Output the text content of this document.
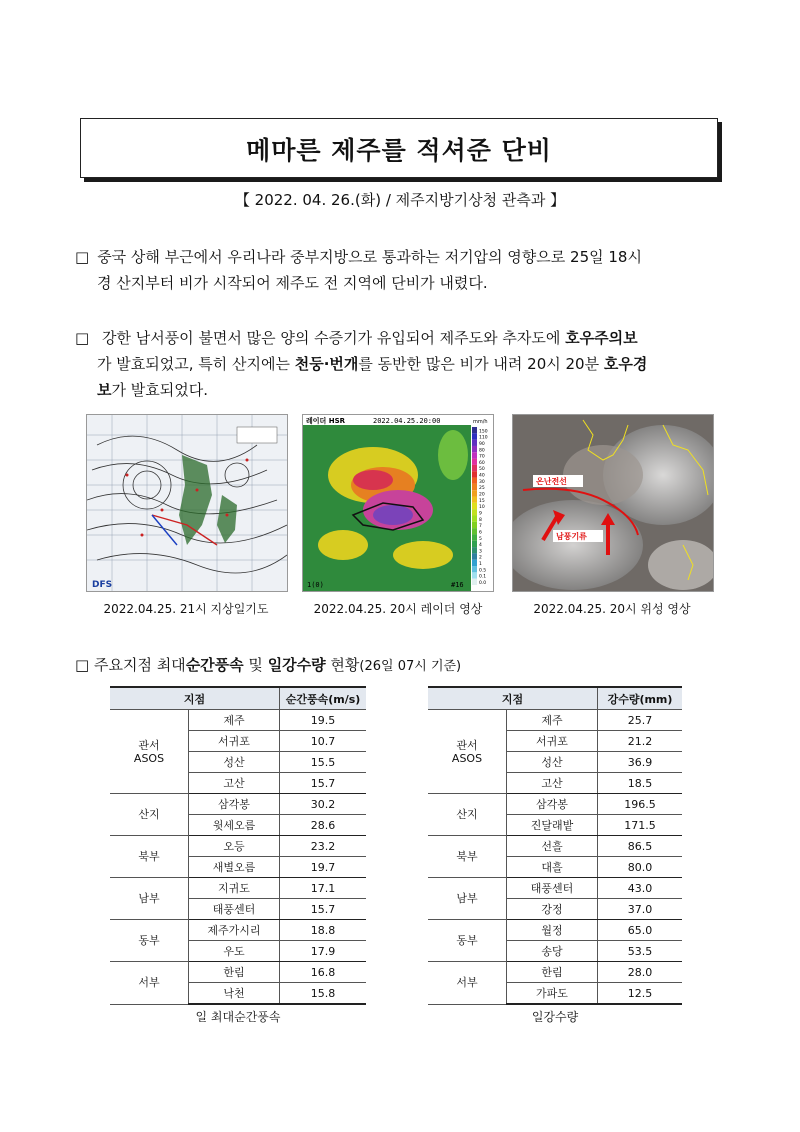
메마른 제주를 적셔준 단비
【 2022. 04. 26.(화) / 제주지방기상청 관측과 】
□ 중국 상해 부근에서 우리나라 중부지방으로 통과하는 저기압의 영향으로 25일 18시
경 산지부터 비가 시작되어 제주도 전 지역에 단비가 내렸다.
□ 강한 남서풍이 불면서 많은 양의 수증기가 유입되어 제주도와 추자도에 호우주의보
가 발효되었고, 특히 산지에는 천둥·번개를 동반한 많은 비가 내려 20시 20분 호우경
보가 발효되었다.
DFS
2022.04.25. 21시 지상일기도
레이더 HSR	2022.04.25.20:00	mm/h
150
110
90
80
70
60
50
40
30
25
20
15
10
9
8
7
6
5
4
3
2
1
0.5
0.1
0.0
1(0)	#16
2022.04.25. 20시 레이더 영상
온난전선
남풍기류
2022.04.25. 20시 위성 영상
□ 주요지점 최대순간풍속 및 일강수량 현황(26일 07시 기준)
지점		순간풍속(m/s)
관서
ASOS	제주	19.5
	서귀포	10.7
	성산	15.5
	고산	15.7
산지	삼각봉	30.2
	윗세오름	28.6
북부	오등	23.2
	새별오름	19.7
남부	지귀도	17.1
	태풍센터	15.7
동부	제주가시리	18.8
	우도	17.9
서부	한림	16.8
	낙천	15.8
일 최대순간풍속
지점		강수량(mm)
관서
ASOS	제주	25.7
	서귀포	21.2
	성산	36.9
	고산	18.5
산지	삼각봉	196.5
	진달래밭	171.5
북부	선흘	86.5
	대흘	80.0
남부	태풍센터	43.0
	강정	37.0
동부	월정	65.0
	송당	53.5
서부	한림	28.0
	가파도	12.5
일강수량
